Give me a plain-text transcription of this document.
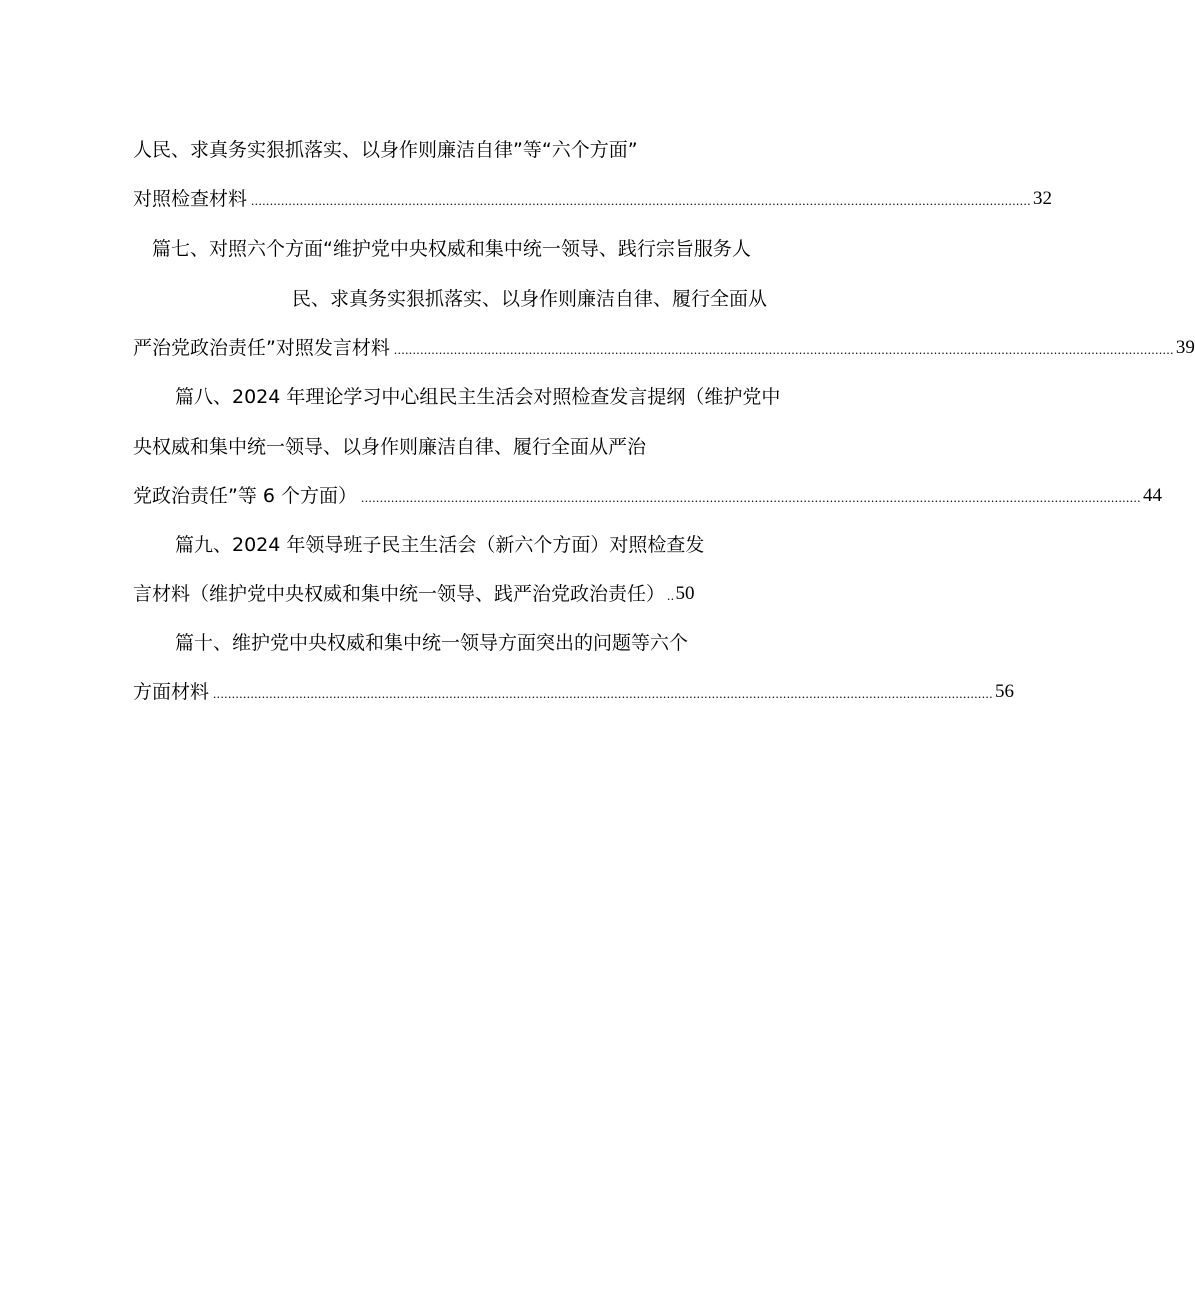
人民、求真务实狠抓落实、以身作则廉洁自律”等“六个方面”
对照检查材料 ................................................................................................................................................................................................................ 32
篇七、对照六个方面“维护党中央权威和集中统一领导、践行宗旨服务人
民、求真务实狠抓落实、以身作则廉洁自律、履行全面从
严治党政治责任”对照发言材料 ................................................................................................................................................................................................................ 39
篇八、2024 年理论学习中心组民主生活会对照检查发言提纲（维护党中
央权威和集中统一领导、以身作则廉洁自律、履行全面从严治
党政治责任”等 6 个方面） ................................................................................................................................................................................................................ 44
篇九、2024 年领导班子民主生活会（新六个方面）对照检查发
言材料（维护党中央权威和集中统一领导、践严治党政治责任） .. 50
篇十、维护党中央权威和集中统一领导方面突出的问题等六个
方面材料 ................................................................................................................................................................................................................ 56
